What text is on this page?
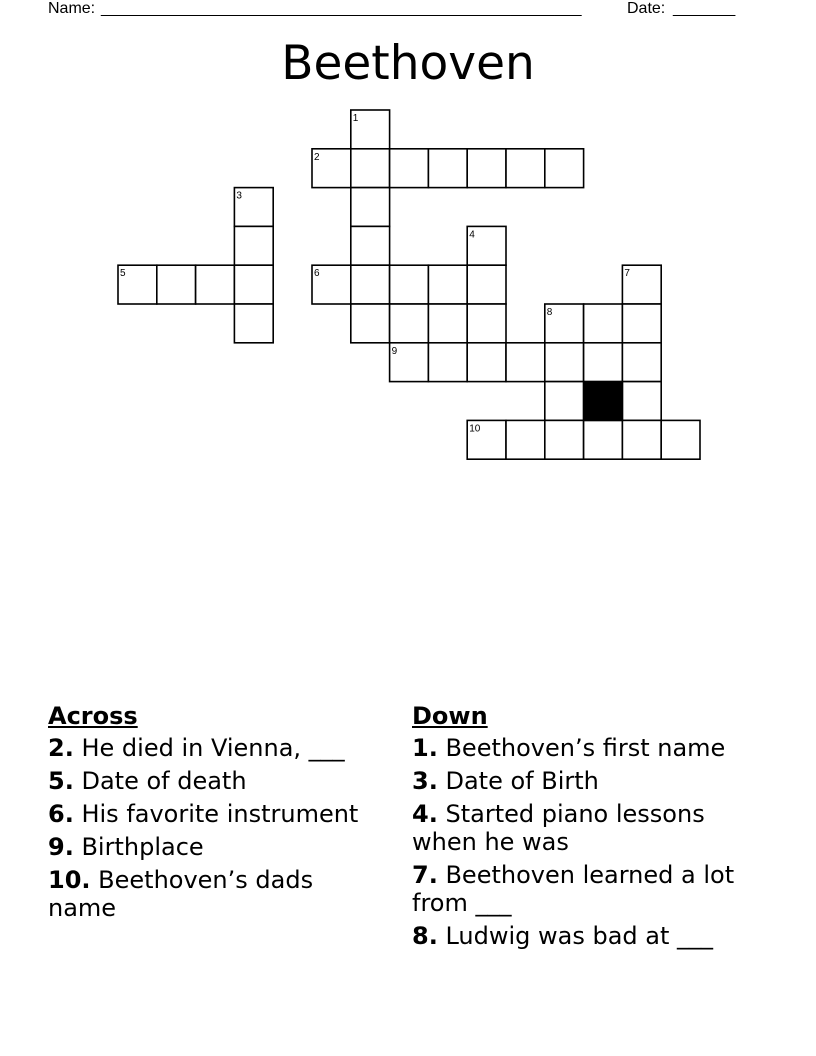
Name: ______________________________________________________	Date: _______
Beethoven
1
2
3
4
5	6	7
8
9
10
Across
2. He died in Vienna, ___
5. Date of death
6. His favorite instrument
9. Birthplace
10. Beethoven’s dads name
Down
1. Beethoven’s first name
3. Date of Birth
4. Started piano lessons when he was
7. Beethoven learned a lot from ___
8. Ludwig was bad at ___
